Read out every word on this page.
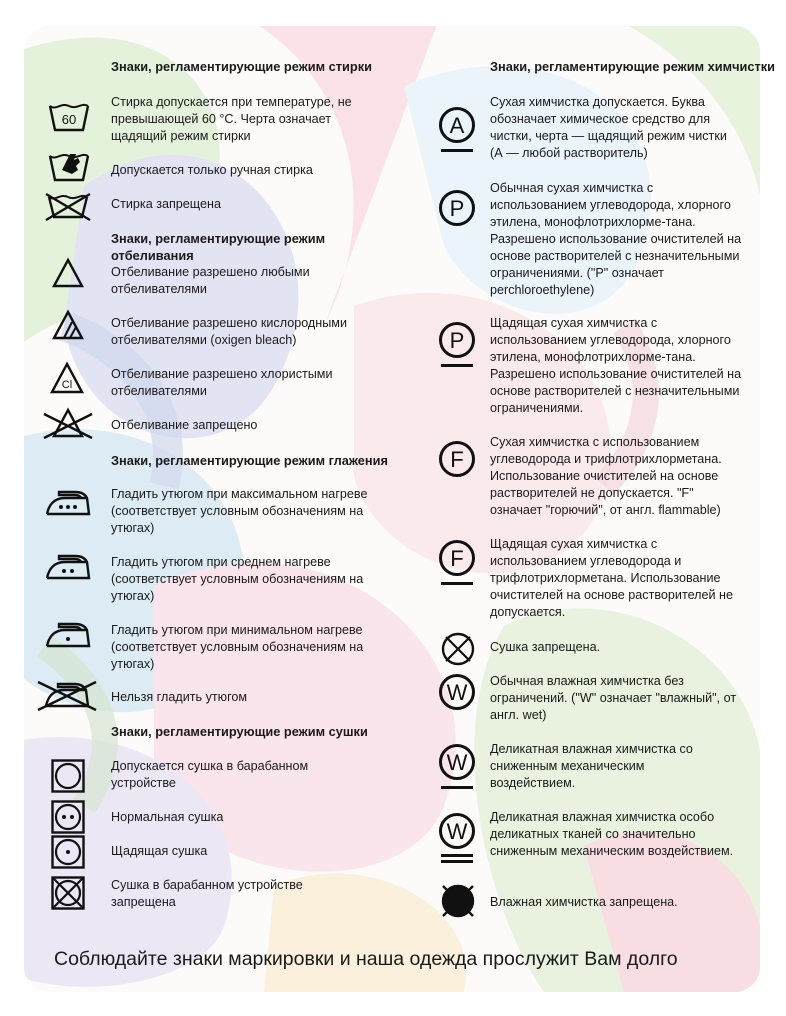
Знаки, регламентирующие режим стирки
60
Стирка допускается при температуре, не превышающей 60 °С. Черта означает щадящий режим стирки
Допускается только ручная стирка
Стирка запрещена
Знаки, регламентирующие режим отбеливания
Отбеливание разрешено любыми отбеливателями
Отбеливание разрешено кислородными отбеливателями (oxigen bleach)
Cl
Отбеливание разрешено хлористыми отбеливателями
Отбеливание запрещено
Знаки, регламентирующие режим глажения
Гладить утюгом при максимальном нагреве (соответствует условным обозначениям на утюгах)
Гладить утюгом при среднем нагреве (соответствует условным обозначениям на утюгах)
Гладить утюгом при минимальном нагреве (соответствует условным обозначениям на утюгах)
Нельзя гладить утюгом
Знаки, регламентирующие режим сушки
Допускается сушка в барабанном устройстве
Нормальная сушка
Щадящая сушка
Сушка в барабанном устройстве запрещена
Знаки, регламентирующие режим химчистки
A
Сухая химчистка допускается. Буква обозначает химическое средство для чистки, черта — щадящий режим чистки (А — любой растворитель)
P
Обычная сухая химчистка с использованием углеводорода, хлорного этилена, монофлотрихлорме-тана. Разрешено использование очистителей на основе растворителей с незначительными ограничениями. ("P" означает perchloroethylene)
P
Щадящая сухая химчистка с использованием углеводорода, хлорного этилена, монофлотрихлорме-тана. Разрешено использование очистителей на основе растворителей с незначительными ограничениями.
F
Сухая химчистка с использованием углеводорода и трифлотрихлорметана. Использование очистителей на основе растворителей не допускается. "F" означает "горючий", от англ. flammable)
F
Щадящая сухая химчистка с использованием углеводорода и трифлотрихлорметана. Использование очистителей на основе растворителей не допускается.
Сушка запрещена.
W	Обычная влажная химчистка без ограничений. ("W" означает "влажный", от англ. wet)
W
Деликатная влажная химчистка со сниженным механическим воздействием.
W
Деликатная влажная химчистка особо деликатных тканей со значительно сниженным механическим воздействием.
Влажная химчистка запрещена.
Соблюдайте знаки маркировки и наша одежда прослужит Вам долго
